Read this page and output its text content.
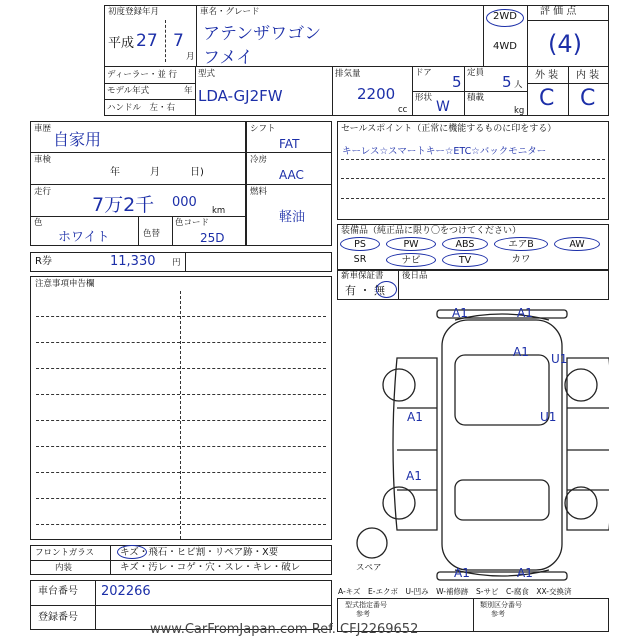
初度登録年月
平成 27 7
月
車名・グレード
アテンザワゴン
フメイ
2WD
4WD
評 価 点
(4)
ディーラー・並 行
モデル年式	年
ハンドル　左・右
型式
LDA-GJ2FW
排気量
2200
cc
ドア 5 定員 5 人
形状
W
積載
kg
外 装 内 装
C C
車歴
自家用
車検
年　　　月　　　日)
走行
7万2千 000
km
色
ホワイト	色替
色コード
25D
シフト
FAT
冷房
AAC
燃料
軽油
R券	11,330 円
注意事項申告欄
セールスポイント（正常に機能するものに印をする）
キーレス☆スマートキー☆ETC☆バックモニター
装備品（純正品に限り〇をつけてください）
PS	PW	ABS	エアB	AW
SR	ナビ	TV	カワ
新車保証書
有 ・ 無
後日品
A1	A1
A1 U1
A1	U1
A1
A1	A1
スペア
フロントガラス	キズ・飛石・ヒビ割・リペア跡・X要
内装	キズ・汚レ・コゲ・穴・スレ・キレ・破レ
車台番号 202266
登録番号
A-キズ　E-エクボ　U-凹み　W-補修跡　S-サビ　C-腐食　XX-交換済
型式指定番号
参考
類別区分番号
参考
www.CarFromJapan.com Ref. CFJ2269652
